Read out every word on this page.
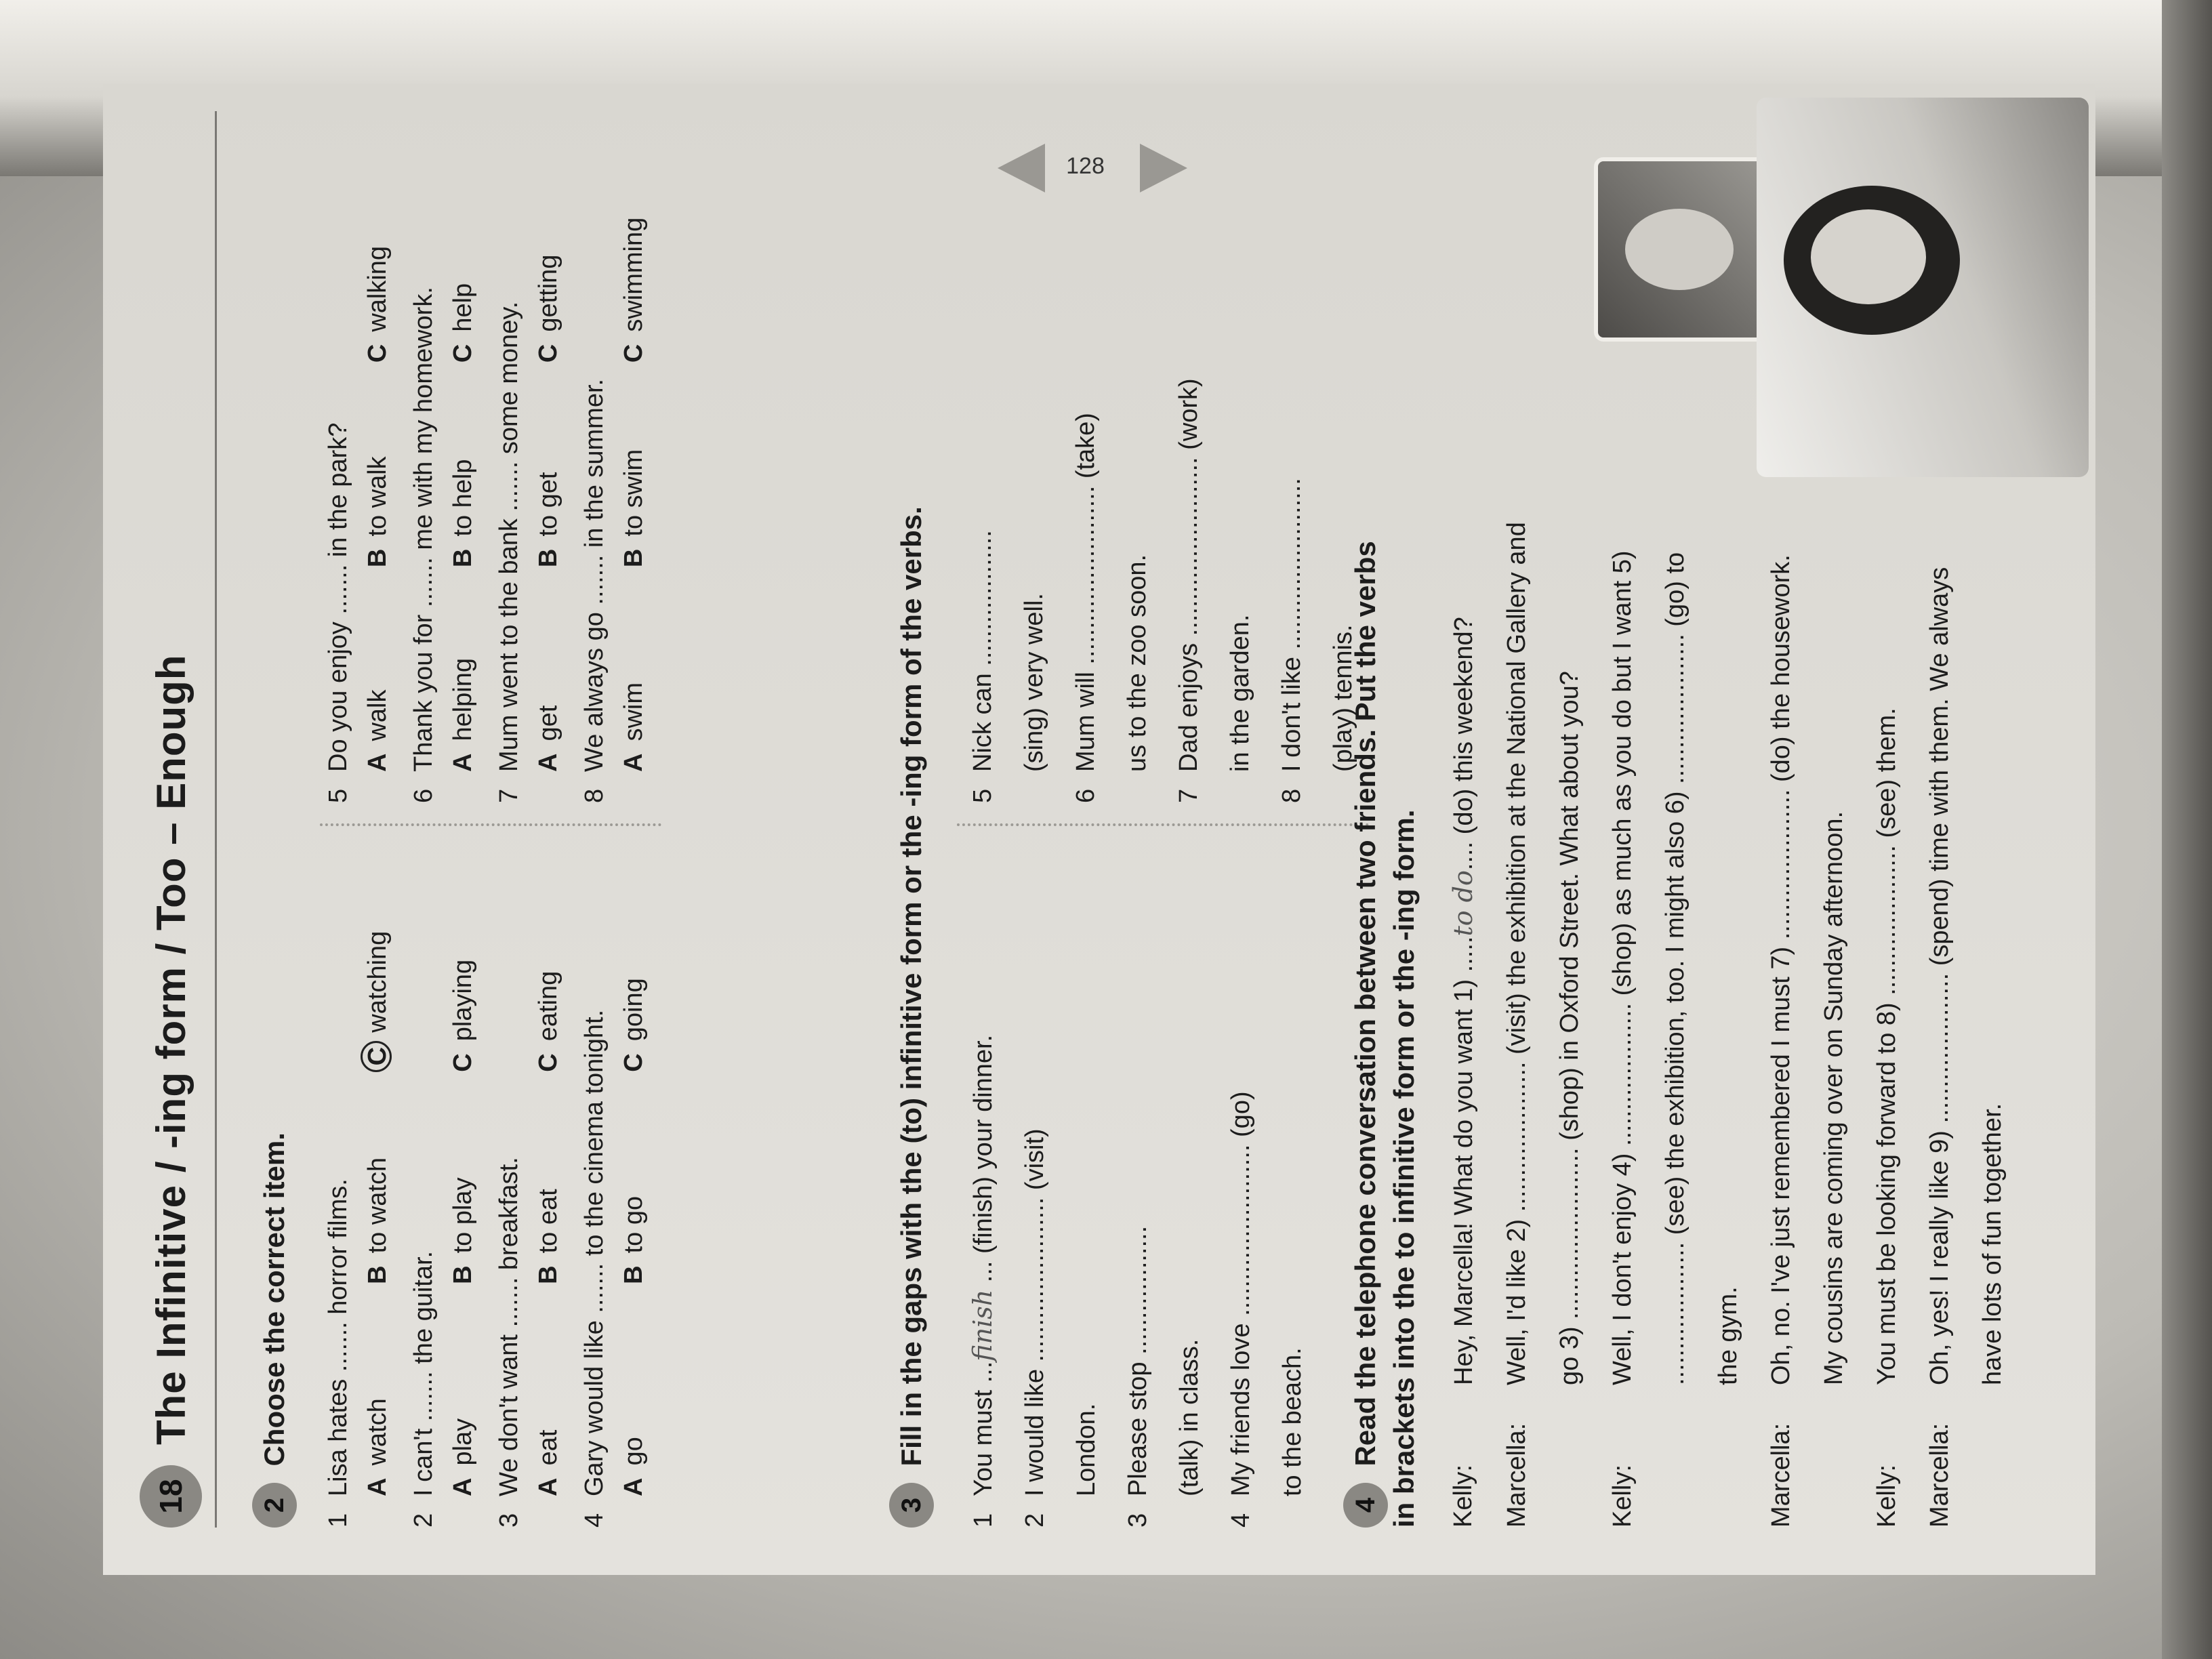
18
The Infinitive / -ing form / Too – Enough
2 Choose the correct item.
1Lisa hates ....... horror films. Awatch
Bto watch
Cwatching
2I can't ....... the guitar. Aplay
Bto play
Cplaying
3We don't want ....... breakfast. Aeat
Bto eat
Ceating
4Gary would like ....... to the cinema tonight. Ago
Bto go
Cgoing
5Do you enjoy ....... in the park? Awalk
Bto walk
Cwalking
6Thank you for ....... me with my homework. Ahelping
Bto help
Chelp
7Mum went to the bank ....... some money. Aget
Bto get
Cgetting
8We always go ....... in the summer. Aswim
Bto swim
Cswimming
3 Fill in the gaps with the (to) infinitive form or the -ing form of the verbs.
1You must ...finish ... (finish) your dinner.
2I would like ....................... (visit) London.
3Please stop .................. (talk) in class.
4My friends love ........................ (go) to the beach.
5Nick can ................... (sing) very well.
6Mum will ......................... (take) us to the zoo soon.
7Dad enjoys ......................... (work) in the garden.
8I don't like ........................ (play) tennis.
4 Read the telephone conversation between two friends. Put the verbs in brackets into the to infinitive form or the -ing form.	Kelly:
Hey, Marcella! What do you want 1) .....to do.... (do) this weekend?
Marcella:
Well, I'd like 2) ..................... (visit) the exhibition at the National Gallery and go 3) ........................ (shop) in Oxford Street. What about you?
Kelly:
Well, I don't enjoy 4) .................... (shop) as much as you do but I want 5) .................... (see) the exhibition, too. I might also 6) ..................... (go) to the gym.
Marcella:
Oh, no. I've just remembered I must 7) ..................... (do) the housework. My cousins are coming over on Sunday afternoon.
Kelly:
You must be looking forward to 8) ..................... (see) them.
Marcella:
Oh, yes! I really like 9) ..................... (spend) time with them. We always have lots of fun together.
128
